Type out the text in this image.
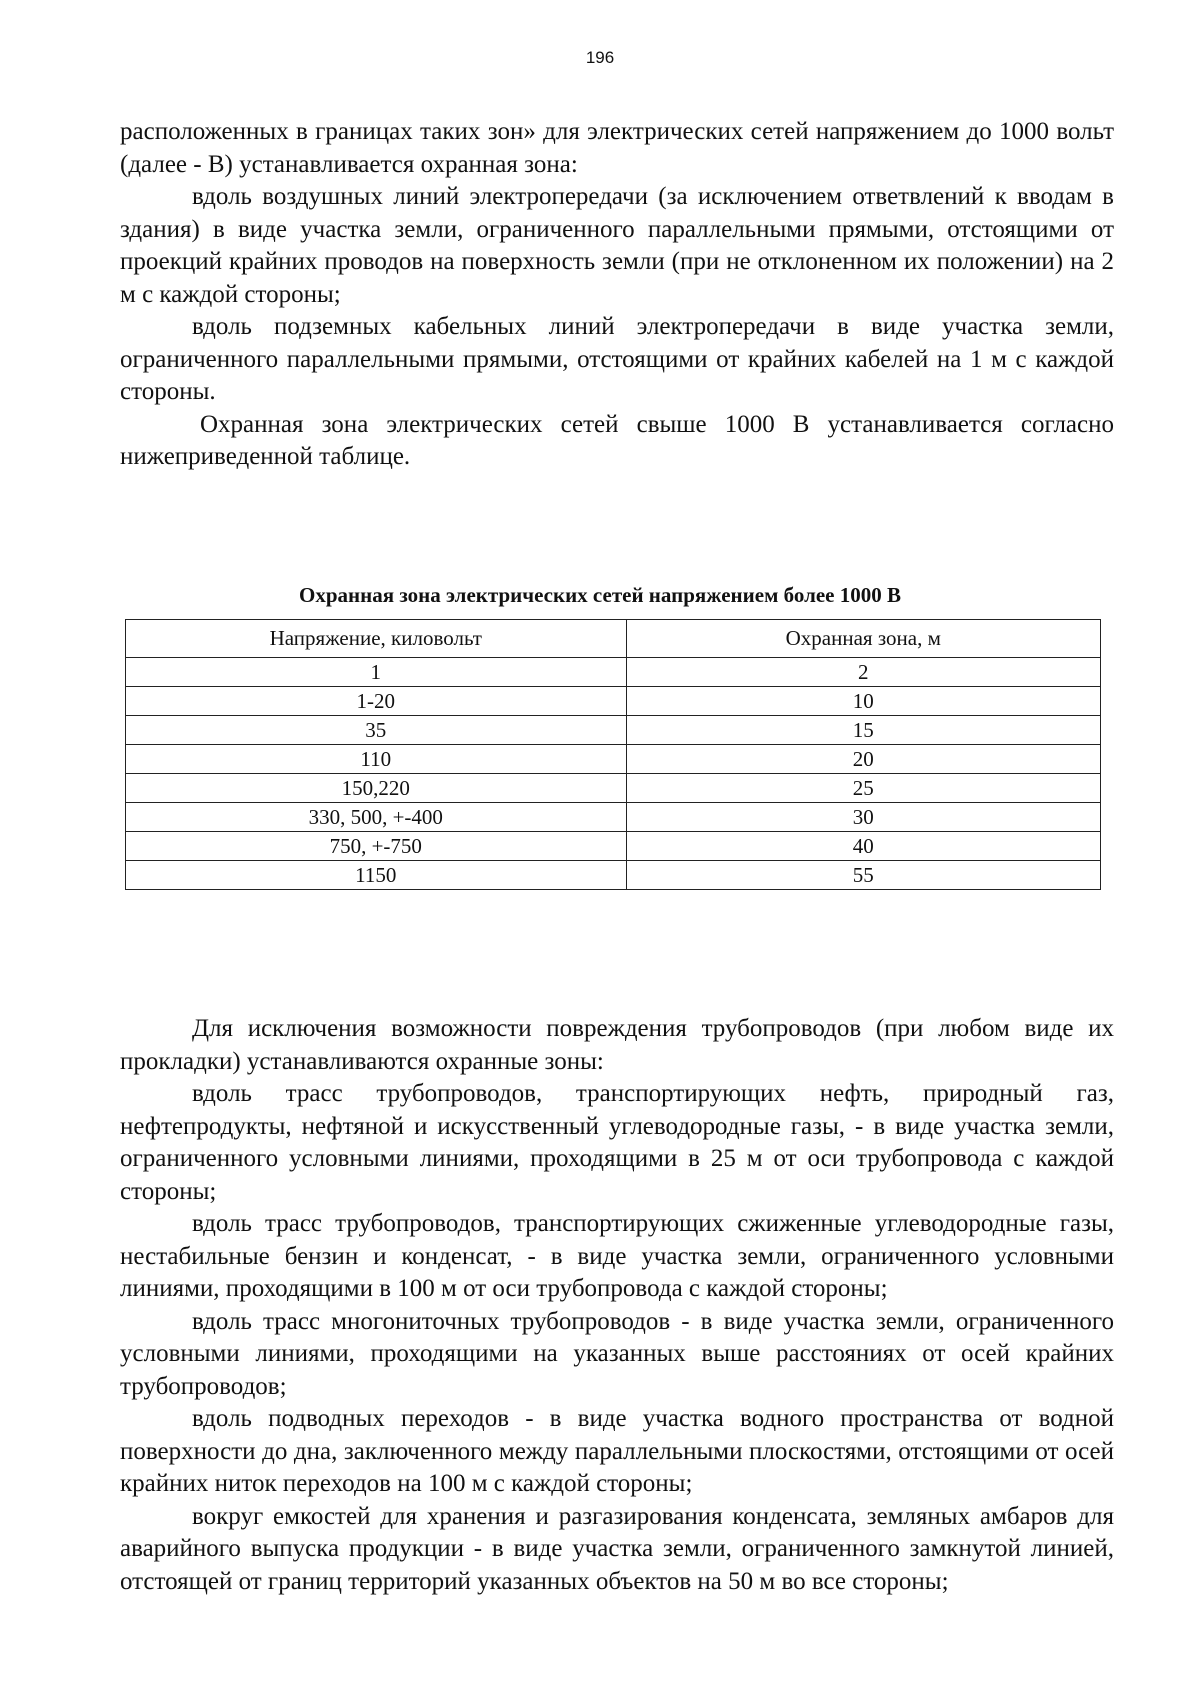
196

расположенных в границах таких зон» для электрических сетей напряжением до 1000 вольт (далее - В) устанавливается охранная зона:

вдоль воздушных линий электропередачи (за исключением ответвлений к вводам в здания) в виде участка земли, ограниченного параллельными прямыми, отстоящими от проекций крайних проводов на поверхность земли (при не отклоненном их положении) на 2 м с каждой стороны;

вдоль подземных кабельных линий электропередачи в виде участка земли, ограниченного параллельными прямыми, отстоящими от крайних кабелей на 1 м с каждой стороны.

Охранная зона электрических сетей свыше 1000 В устанавливается согласно нижеприведенной таблице.

Охранная зона электрических сетей напряжением более 1000 В
Напряжение, киловольт	Охранная зона, м
1	2
1-20	10
35	15
110	20
150,220	25
330, 500, +-400	30
750, +-750	40
1150	55

Для исключения возможности повреждения трубопроводов (при любом виде их прокладки) устанавливаются охранные зоны:

вдоль трасс трубопроводов, транспортирующих нефть, природный газ, нефтепродукты, нефтяной и искусственный углеводородные газы, - в виде участка земли, ограниченного условными линиями, проходящими в 25 м от оси трубопровода с каждой стороны;

вдоль трасс трубопроводов, транспортирующих сжиженные углеводородные газы, нестабильные бензин и конденсат, - в виде участка земли, ограниченного условными линиями, проходящими в 100 м от оси трубопровода с каждой стороны;

вдоль трасс многониточных трубопроводов - в виде участка земли, ограниченного условными линиями, проходящими на указанных выше расстояниях от осей крайних трубопроводов;

вдоль подводных переходов - в виде участка водного пространства от водной поверхности до дна, заключенного между параллельными плоскостями, отстоящими от осей крайних ниток переходов на 100 м с каждой стороны;

вокруг емкостей для хранения и разгазирования конденсата, земляных амбаров для аварийного выпуска продукции - в виде участка земли, ограниченного замкнутой линией, отстоящей от границ территорий указанных объектов на 50 м во все стороны;
